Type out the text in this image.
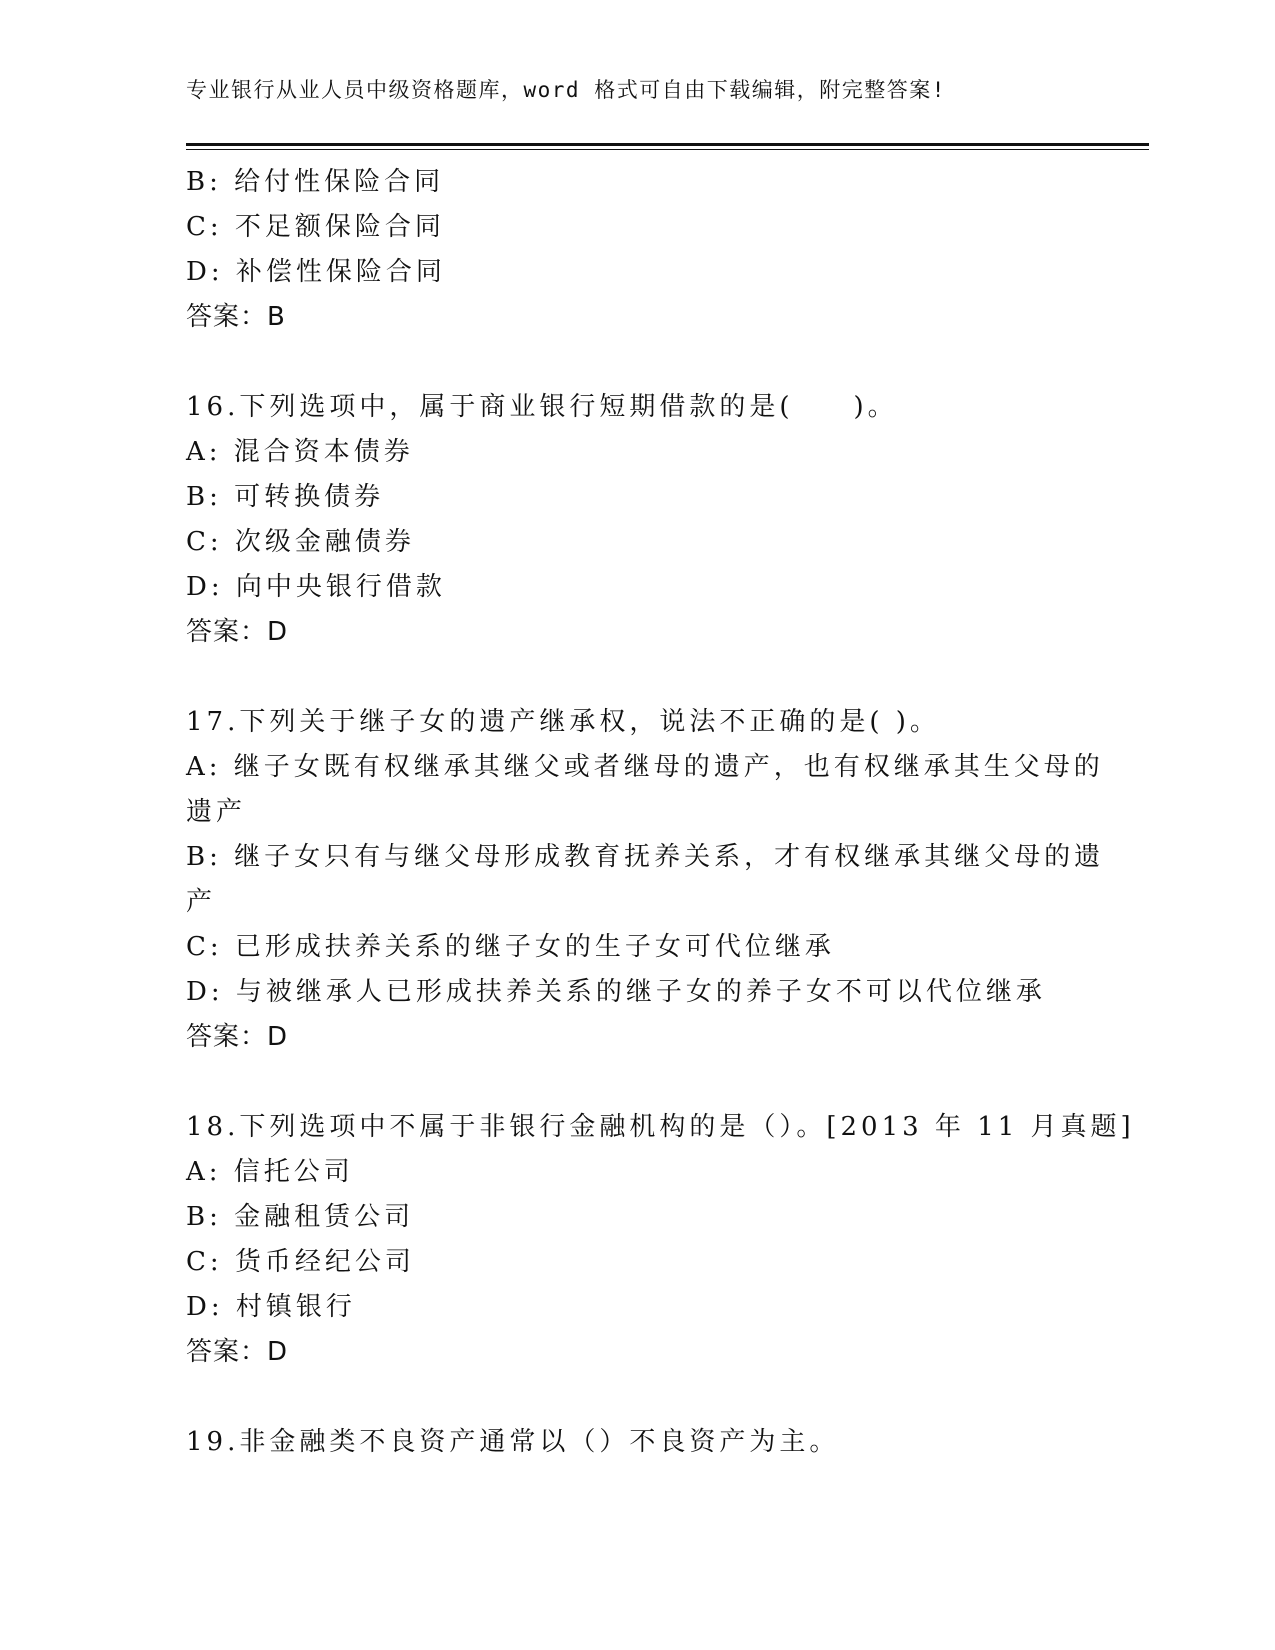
专业银行从业人员中级资格题库，word 格式可自由下载编辑，附完整答案!
B: 给付性保险合同
C: 不足额保险合同
D: 补偿性保险合同
答案：B
16.下列选项中，属于商业银行短期借款的是(　　)。
A: 混合资本债券
B: 可转换债券
C: 次级金融债券
D: 向中央银行借款
答案：D
17.下列关于继子女的遗产继承权，说法不正确的是( )。
A: 继子女既有权继承其继父或者继母的遗产，也有权继承其生父母的
遗产
B: 继子女只有与继父母形成教育抚养关系，才有权继承其继父母的遗
产
C: 已形成扶养关系的继子女的生子女可代位继承
D: 与被继承人已形成扶养关系的继子女的养子女不可以代位继承
答案：D
18.下列选项中不属于非银行金融机构的是（）。[2013 年 11 月真题]
A: 信托公司
B: 金融租赁公司
C: 货币经纪公司
D: 村镇银行
答案：D
19.非金融类不良资产通常以（）不良资产为主。
